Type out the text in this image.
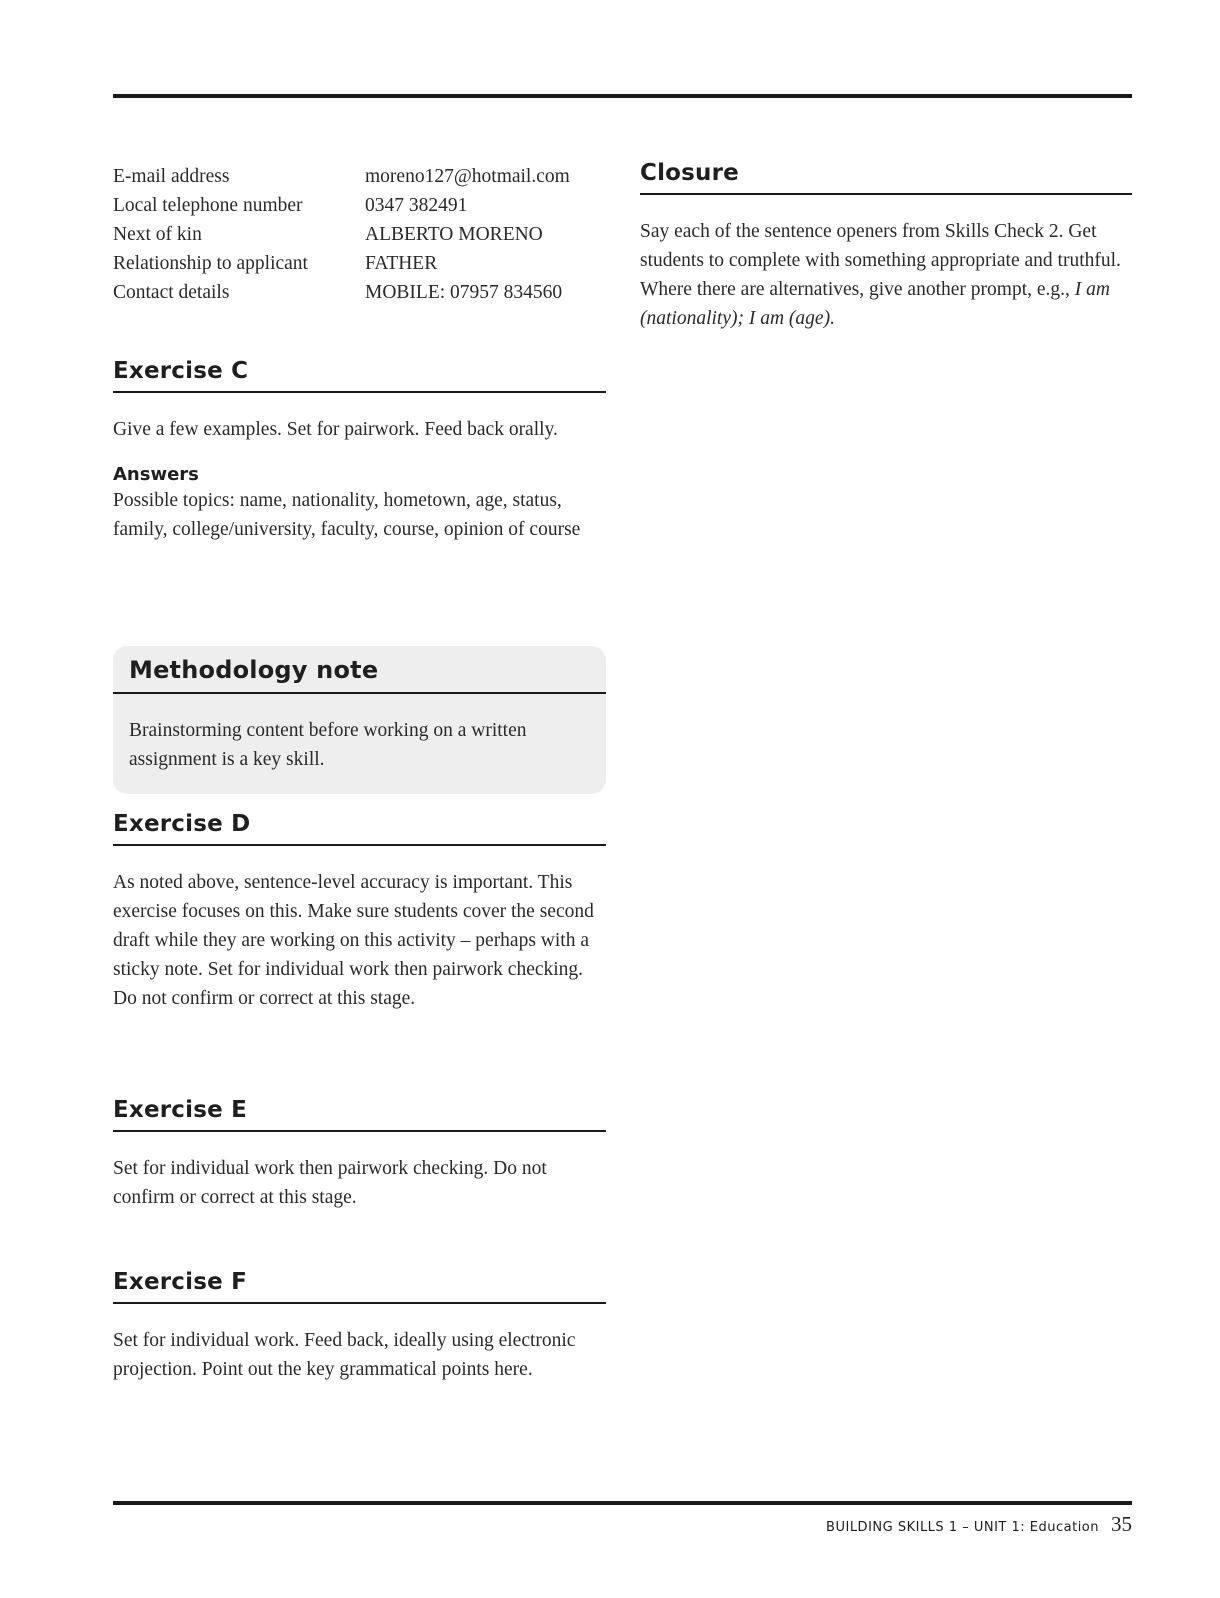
E-mail address	moreno127@hotmail.com
Local telephone number	0347 382491
Next of kin	ALBERTO MORENO
Relationship to applicant	FATHER
Contact details	MOBILE: 07957 834560
Exercise C

Give a few examples. Set for pairwork. Feed back orally.

Answers

Possible topics: name, nationality, hometown, age, status, family, college/university, faculty, course, opinion of course

Methodology note

Brainstorming content before working on a written assignment is a key skill.

Exercise D

As noted above, sentence-level accuracy is important. This exercise focuses on this. Make sure students cover the second draft while they are working on this activity – perhaps with a sticky note. Set for individual work then pairwork checking. Do not confirm or correct at this stage.

Exercise E

Set for individual work then pairwork checking. Do not confirm or correct at this stage.

Exercise F

Set for individual work. Feed back, ideally using electronic projection. Point out the key grammatical points here.

Closure

Say each of the sentence openers from Skills Check 2. Get students to complete with something appropriate and truthful. Where there are alternatives, give another prompt, e.g., I am (nationality); I am (age).

BUILDING SKILLS 1 – UNIT 1: Education 35
